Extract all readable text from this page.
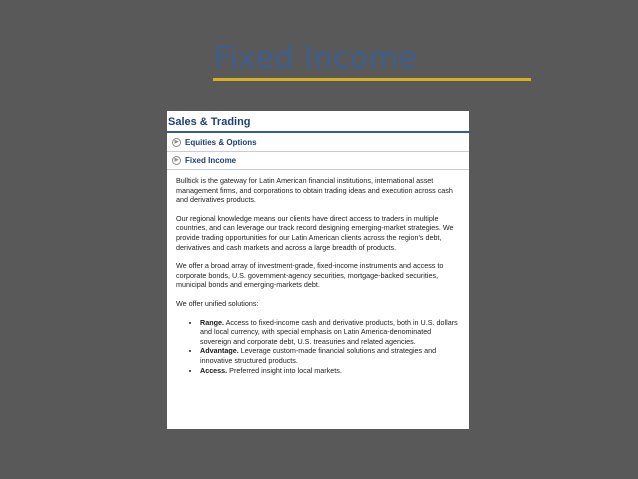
Fixed Income
Sales & Trading
▶ Equities & Options
▶ Fixed Income

Bulltick is the gateway for Latin American financial institutions, international asset management firms, and corporations to obtain trading ideas and execution across cash and derivatives products.

Our regional knowledge means our clients have direct access to traders in multiple countries, and can leverage our track record designing emerging-market strategies. We provide trading opportunities for our Latin American clients across the region's debt, derivatives and cash markets and across a large breadth of products.

We offer a broad array of investment-grade, fixed-income instruments and access to corporate bonds, U.S. government-agency securities, mortgage-backed securities, municipal bonds and emerging-markets debt.

We offer unified solutions:

• Range. Access to fixed-income cash and derivative products, both in U.S. dollars and local currency, with special emphasis on Latin America-denominated sovereign and corporate debt, U.S. treasuries and related agencies.
• Advantage. Leverage custom-made financial solutions and strategies and innovative structured products.
• Access. Preferred insight into local markets.
